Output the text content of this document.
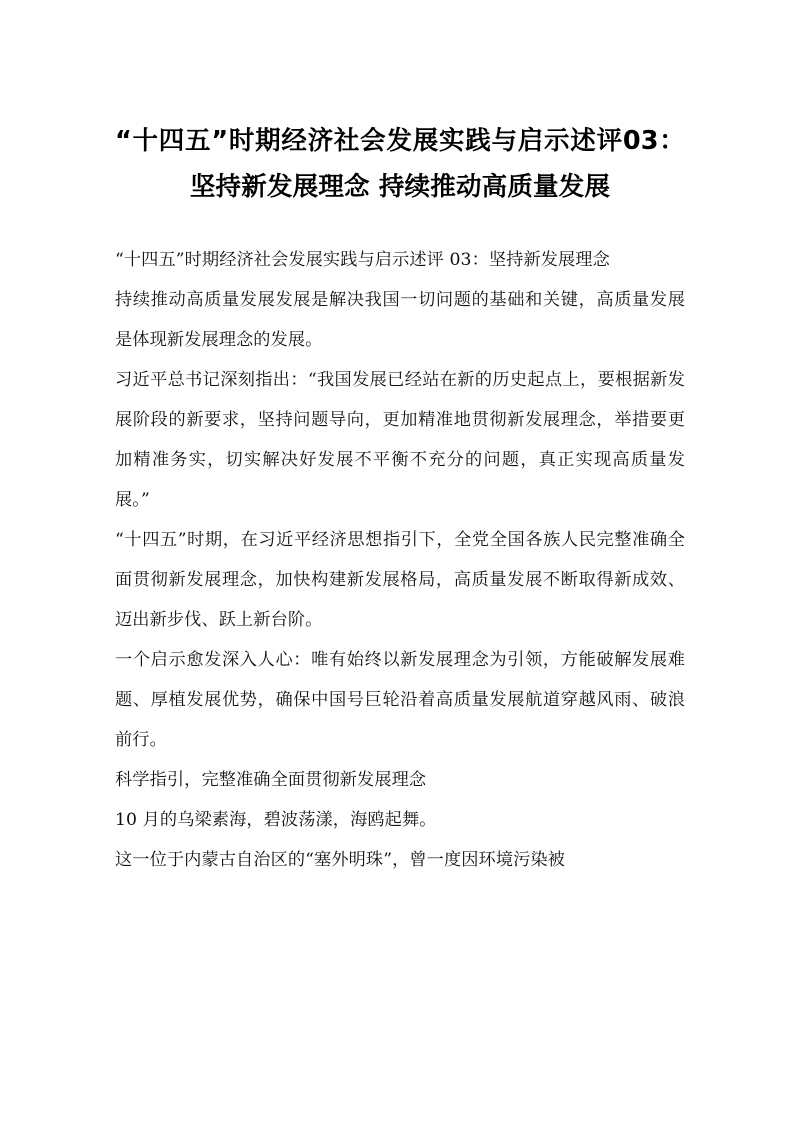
“十四五”时期经济社会发展实践与启示述评03：坚持新发展理念 持续推动高质量发展

“十四五”时期经济社会发展实践与启示述评 03：坚持新发展理念

持续推动高质量发展发展是解决我国一切问题的基础和关键，高质量发展是体现新发展理念的发展。

习近平总书记深刻指出：“我国发展已经站在新的历史起点上，要根据新发展阶段的新要求，坚持问题导向，更加精准地贯彻新发展理念，举措要更加精准务实，切实解决好发展不平衡不充分的问题，真正实现高质量发展。”

“十四五”时期，在习近平经济思想指引下，全党全国各族人民完整准确全面贯彻新发展理念，加快构建新发展格局，高质量发展不断取得新成效、迈出新步伐、跃上新台阶。

一个启示愈发深入人心：唯有始终以新发展理念为引领，方能破解发展难题、厚植发展优势，确保中国号巨轮沿着高质量发展航道穿越风雨、破浪前行。

科学指引，完整准确全面贯彻新发展理念

10 月的乌梁素海，碧波荡漾，海鸥起舞。

这一位于内蒙古自治区的“塞外明珠”，曾一度因环境污染被
